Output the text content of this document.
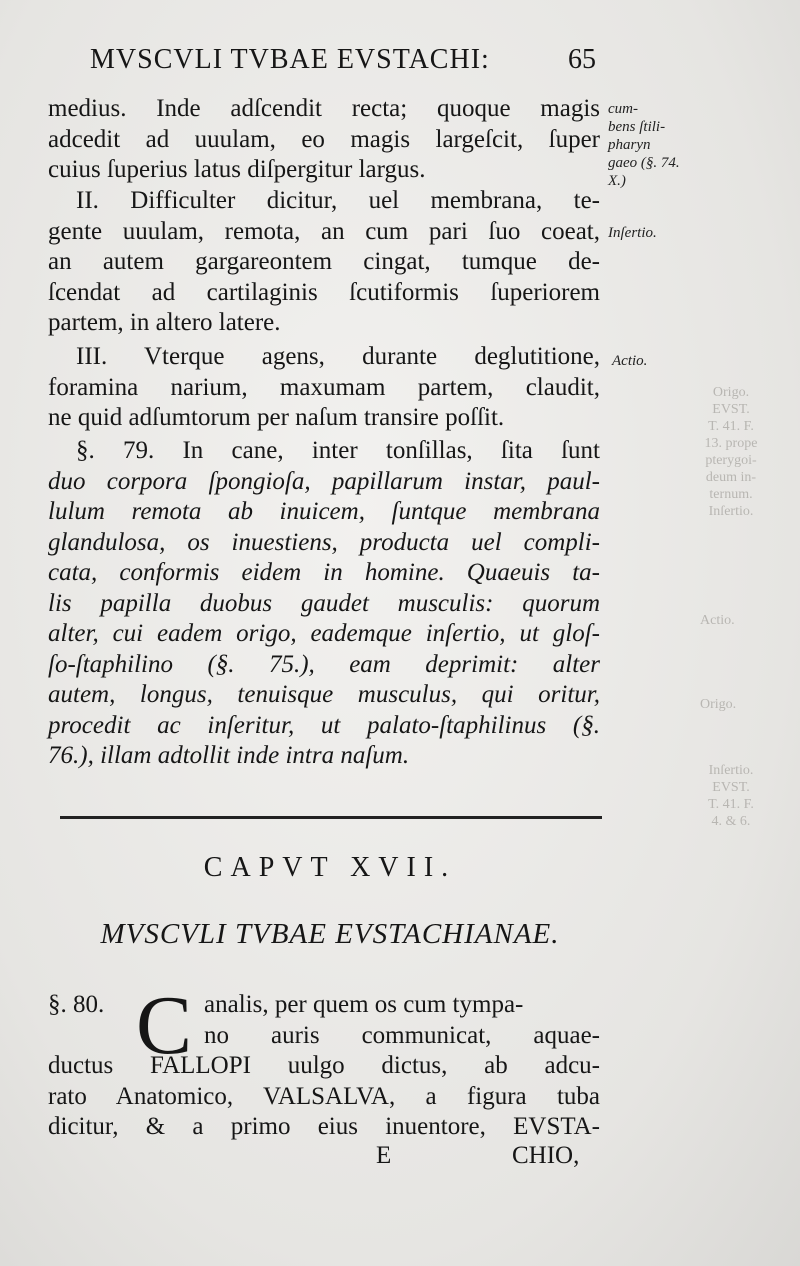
MVSCVLI TVBAE EVSTACHI:	65
medius. Inde adſcendit recta; quoque magis
adcedit ad uuulam, eo magis largeſcit, ſuper
cuius ſuperius latus diſpergitur largus.
II. Difficulter dicitur, uel membrana, te-
gente uuulam, remota, an cum pari ſuo coeat,
an autem gargareontem cingat, tumque de-
ſcendat ad cartilaginis ſcutiformis ſuperiorem
partem, in altero latere.
III. Vterque agens, durante deglutitione,
foramina narium, maxumam partem, claudit,
ne quid adſumtorum per naſum transire poſſit.
§. 79. In cane, inter tonſillas, ſita ſunt
duo corpora ſpongioſa, papillarum instar, paul-
lulum remota ab inuicem, ſuntque membrana
glandulosa, os inuestiens, producta uel compli-
cata, conformis eidem in homine. Quaeuis ta-
lis papilla duobus gaudet musculis: quorum
alter, cui eadem origo, eademque inſertio, ut gloſ-
ſo-ſtaphilino (§. 75.), eam deprimit: alter
autem, longus, tenuisque musculus, qui oritur,
procedit ac inſeritur, ut palato-ſtaphilinus (§.
76.), illam adtollit inde intra naſum.
cum-
bens ſtili-
pharyn
gaeo (§. 74.
X.)
Inſertio.
Actio.
Origo.
EVST.
T. 41. F.
13. prope
pterygoi-
deum in-
ternum.
Inſertio.
Actio.
Origo.
Inſertio.
EVST.
T. 41. F.
4. & 6.
CAPVT XVII.
MVSCVLI TVBAE EVSTACHIANAE.
analis, per quem os cum tympa-
no auris communicat, aquae-
ductus FALLOPI uulgo dictus, ab adcu-
rato Anatomico, VALSALVA, a figura tuba
dicitur, & a primo eius inuentore, EVSTA-
§. 80. C
E	CHIO,
